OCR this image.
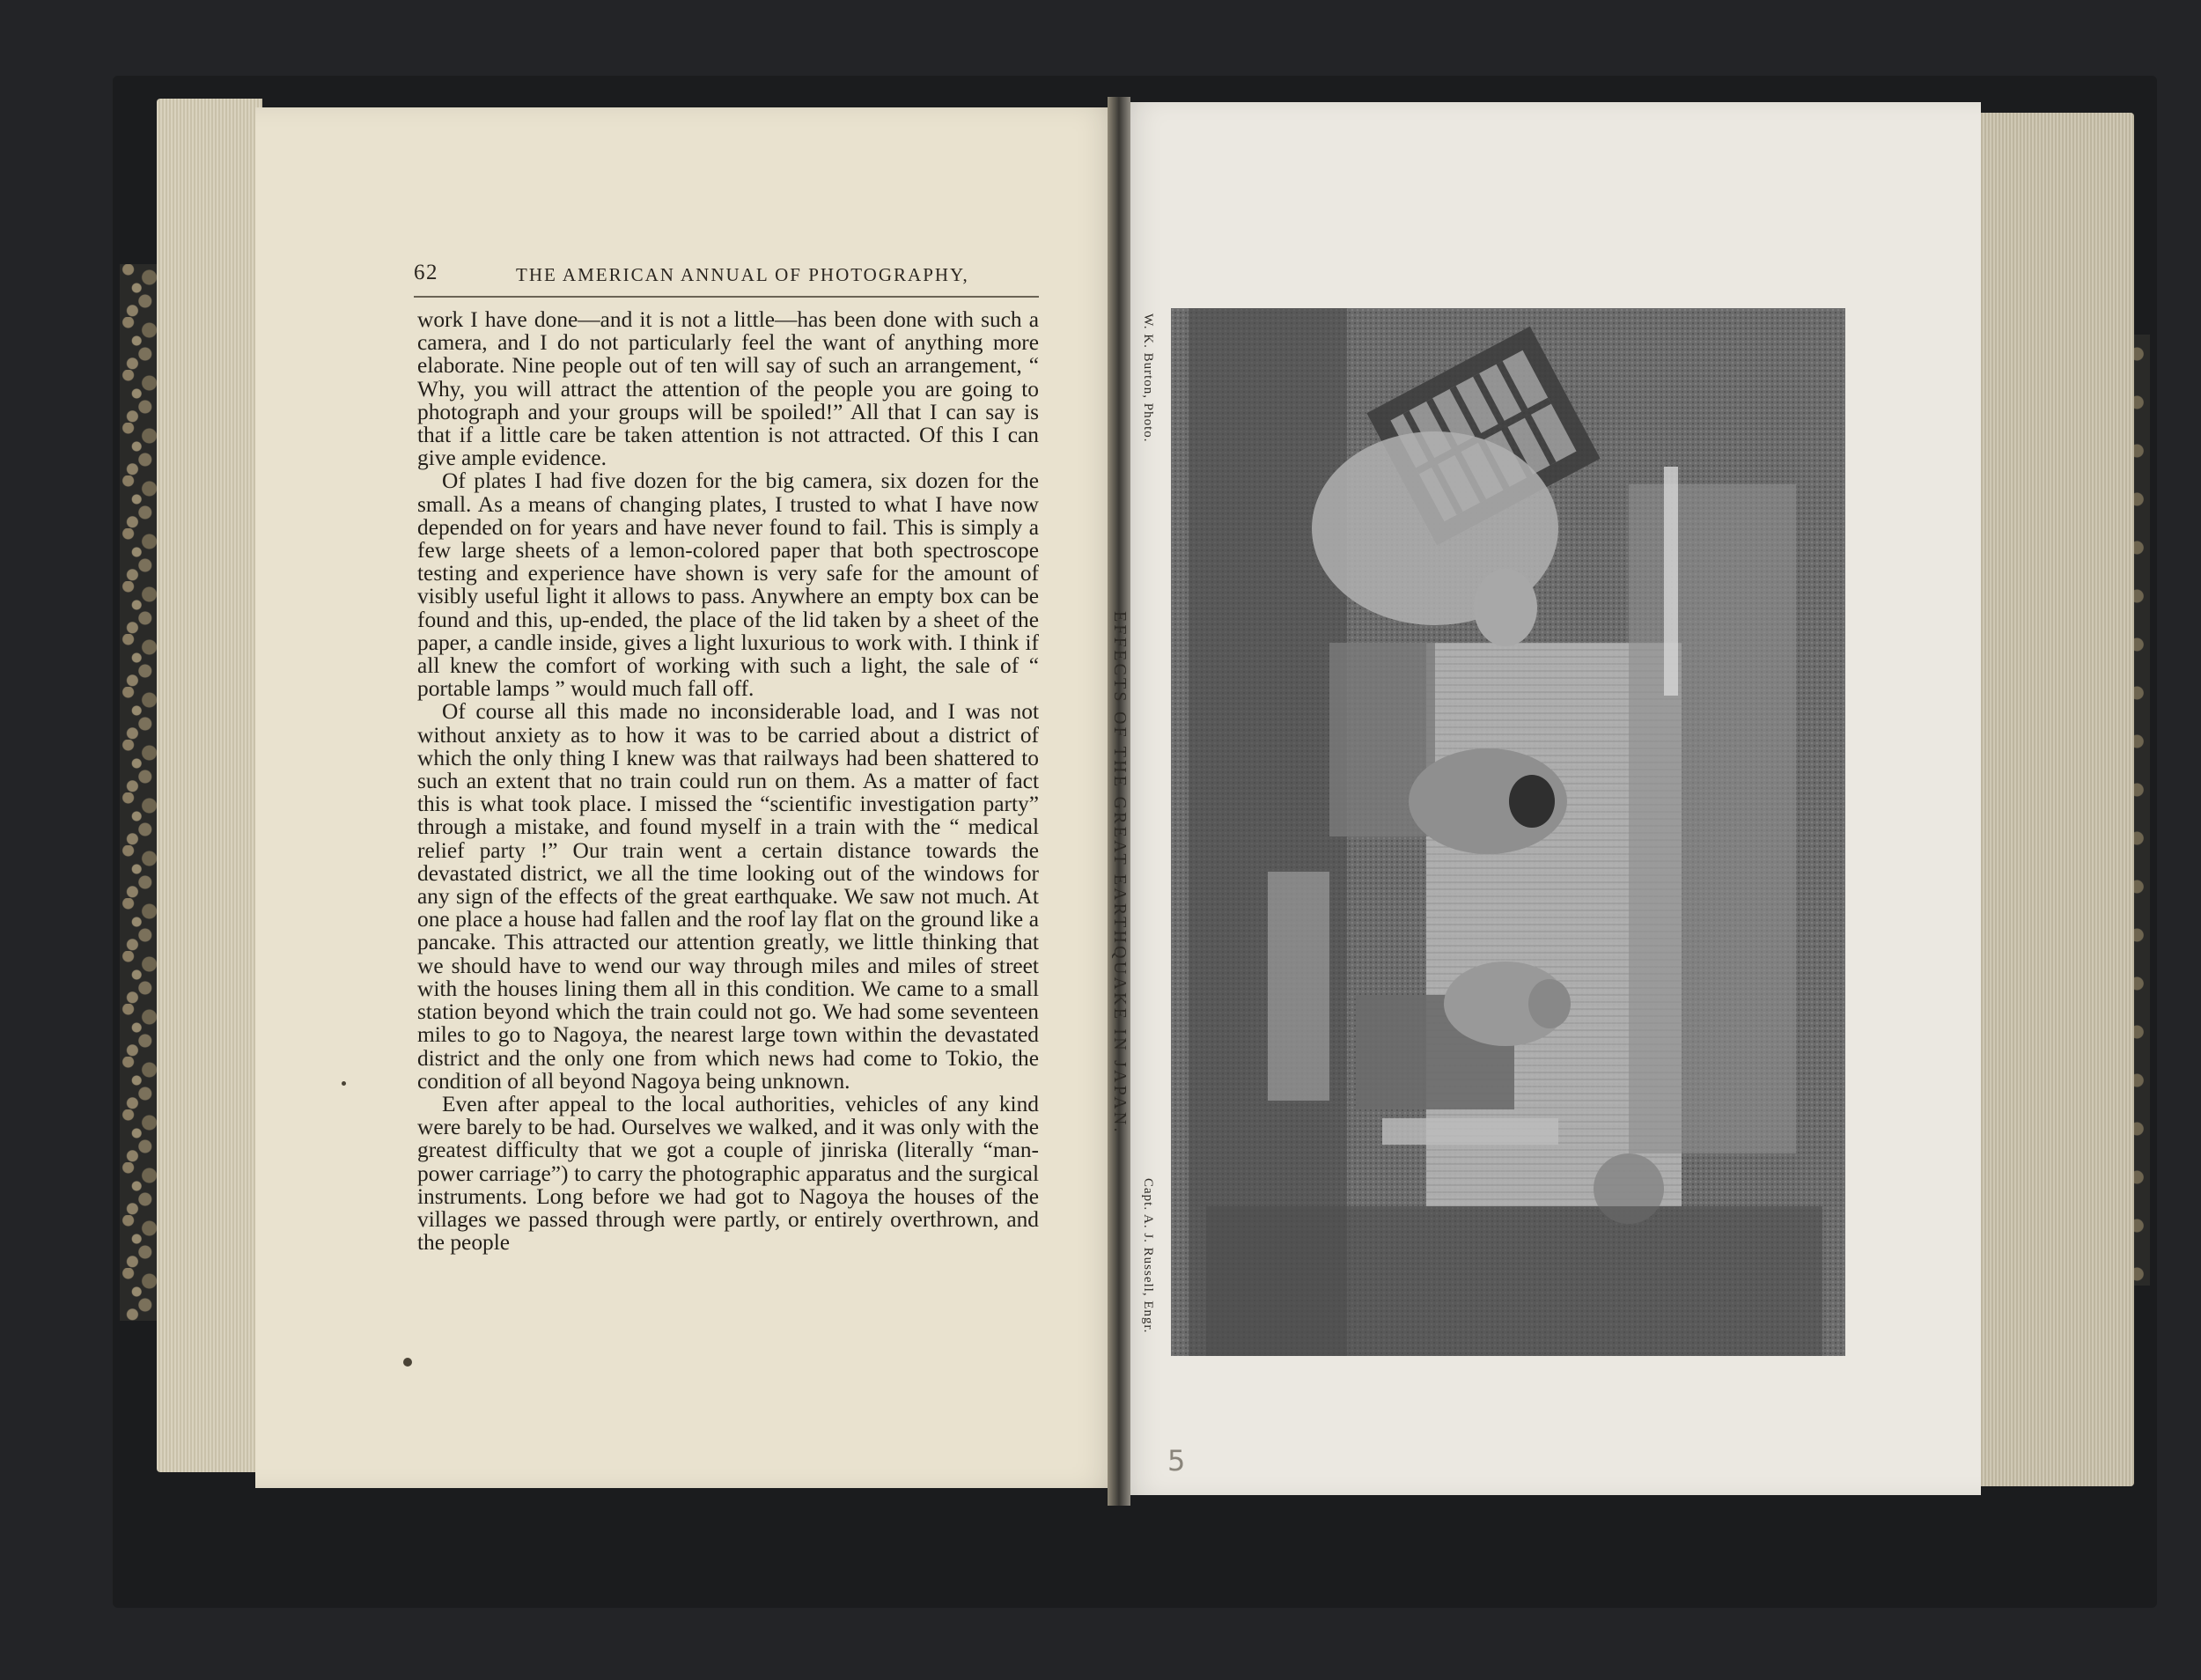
62	THE AMERICAN ANNUAL OF PHOTOGRAPHY,

work I have done—and it is not a little—has been done with such a camera, and I do not particularly feel the want of anything more elaborate. Nine people out of ten will say of such an arrangement, “ Why, you will attract the attention of the people you are going to photograph and your groups will be spoiled!” All that I can say is that if a little care be taken attention is not attracted. Of this I can give ample evidence.

Of plates I had five dozen for the big camera, six dozen for the small. As a means of changing plates, I trusted to what I have now depended on for years and have never found to fail. This is simply a few large sheets of a lemon-colored paper that both spectroscope testing and experience have shown is very safe for the amount of visibly useful light it allows to pass. Anywhere an empty box can be found and this, up-ended, the place of the lid taken by a sheet of the paper, a candle inside, gives a light luxurious to work with. I think if all knew the comfort of working with such a light, the sale of “ portable lamps ” would much fall off.

Of course all this made no inconsiderable load, and I was not without anxiety as to how it was to be carried about a district of which the only thing I knew was that railways had been shattered to such an extent that no train could run on them. As a matter of fact this is what took place. I missed the “scientific investigation party” through a mistake, and found myself in a train with the “ medical relief party !” Our train went a certain distance towards the devastated district, we all the time looking out of the windows for any sign of the effects of the great earthquake. We saw not much. At one place a house had fallen and the roof lay flat on the ground like a pancake. This attracted our attention greatly, we little thinking that we should have to wend our way through miles and miles of street with the houses lining them all in this condition. We came to a small station beyond which the train could not go. We had some seventeen miles to go to Nagoya, the nearest large town within the devastated district and the only one from which news had come to Tokio, the condition of all beyond Nagoya being unknown.

Even after appeal to the local authorities, vehicles of any kind were barely to be had. Ourselves we walked, and it was only with the greatest difficulty that we got a couple of jinriska (literally “man-power carriage”) to carry the photographic apparatus and the surgical instruments. Long before we had got to Nagoya the houses of the villages we passed through were partly, or entirely overthrown, and the people

W. K. Burton, Photo.
EFFECTS OF THE GREAT EARTHQUAKE IN JAPAN.
Capt. A. J. Russell, Engr.
5
